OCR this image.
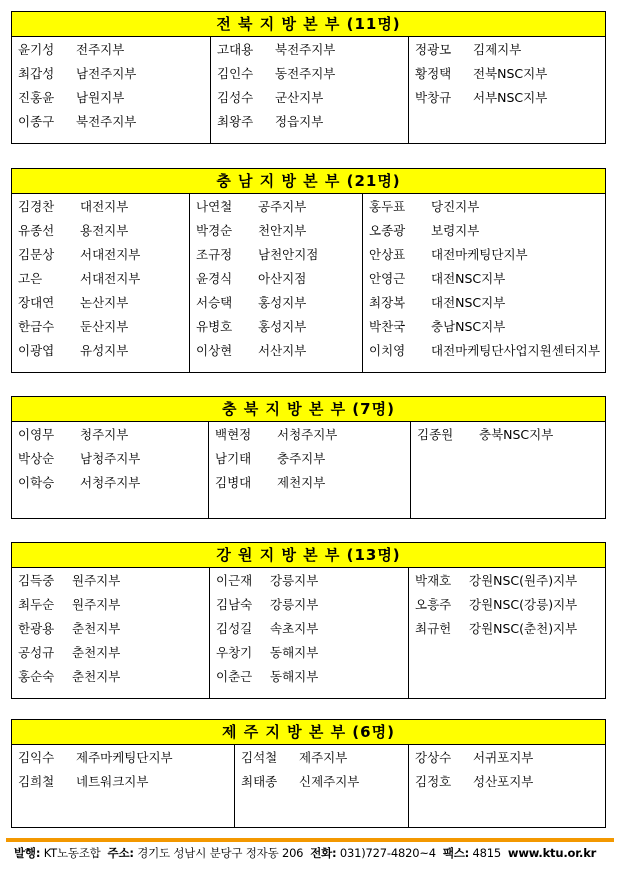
전 북 지 방 본 부 (11명)
윤기성	전주지부
최갑성	남전주지부
진홍윤	남원지부
이종구	북전주지부
고대용	북전주지부
김인수	동전주지부
김성수	군산지부
최왕주	정읍지부
정광모	김제지부
황정택	전북NSC지부
박창규	서부NSC지부
충 남 지 방 본 부 (21명)
김경찬	대전지부
유종선	용전지부
김문상	서대전지부
고은	서대전지부
장대연	논산지부
한금수	둔산지부
이광엽	유성지부
나연철	공주지부
박경순	천안지부
조규정	남천안지점
윤경식	아산지점
서승택	홍성지부
유병호	홍성지부
이상현	서산지부
홍두표	당진지부
오종광	보령지부
안상표	대전마케팅단지부
안영근	대전NSC지부
최장복	대전NSC지부
박찬국	충남NSC지부
이치영	대전마케팅단사업지원센터지부
충 북 지 방 본 부 (7명)
이영무	청주지부
박상순	남청주지부
이학승	서청주지부
백현정	서청주지부
남기태	충주지부
김병대	제천지부
김종원	충북NSC지부
강 원 지 방 본 부 (13명)
김득중	원주지부
최두순	원주지부
한광용	춘천지부
공성규	춘천지부
홍순숙	춘천지부
이근재	강릉지부
김남숙	강릉지부
김성길	속초지부
우창기	동해지부
이춘근	동해지부
박재호	강원NSC(원주)지부
오흥주	강원NSC(강릉)지부
최규헌	강원NSC(춘천)지부
제 주 지 방 본 부 (6명)
김익수	제주마케팅단지부
김희철	네트워크지부
김석철	제주지부
최태종	신제주지부
강상수	서귀포지부
김정호	성산포지부
발행: KT노동조합 주소: 경기도 성남시 분당구 정자동 206 전화: 031)727-4820~4 팩스: 4815 www.ktu.or.kr
